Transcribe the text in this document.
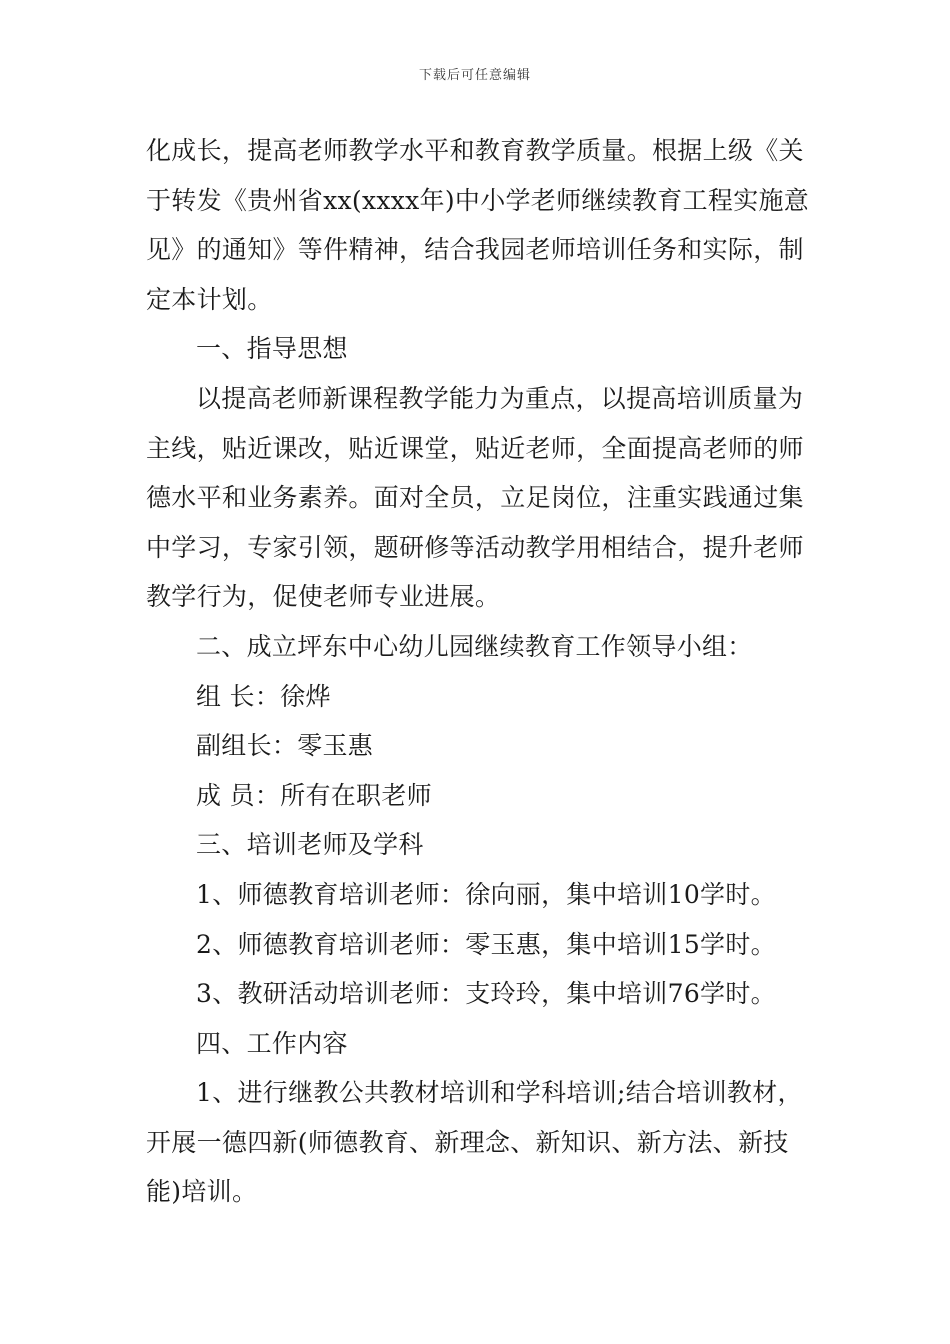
下载后可任意编辑

化成长，提高老师教学水平和教育教学质量。根据上级《关于转发《贵州省xx(xxxx年)中小学老师继续教育工程实施意见》的通知》等件精神，结合我园老师培训任务和实际，制定本计划。

一、指导思想

以提高老师新课程教学能力为重点，以提高培训质量为主线，贴近课改，贴近课堂，贴近老师，全面提高老师的师德水平和业务素养。面对全员，立足岗位，注重实践通过集中学习，专家引领，题研修等活动教学用相结合，提升老师教学行为，促使老师专业进展。

二、成立坪东中心幼儿园继续教育工作领导小组：

组 长：徐烨

副组长：零玉惠

成 员：所有在职老师

三、培训老师及学科

1、师德教育培训老师：徐向丽，集中培训10学时。

2、师德教育培训老师：零玉惠，集中培训15学时。

3、教研活动培训老师：支玲玲，集中培训76学时。

四、工作内容

1、进行继教公共教材培训和学科培训;结合培训教材，开展一德四新(师德教育、新理念、新知识、新方法、新技能)培训。
